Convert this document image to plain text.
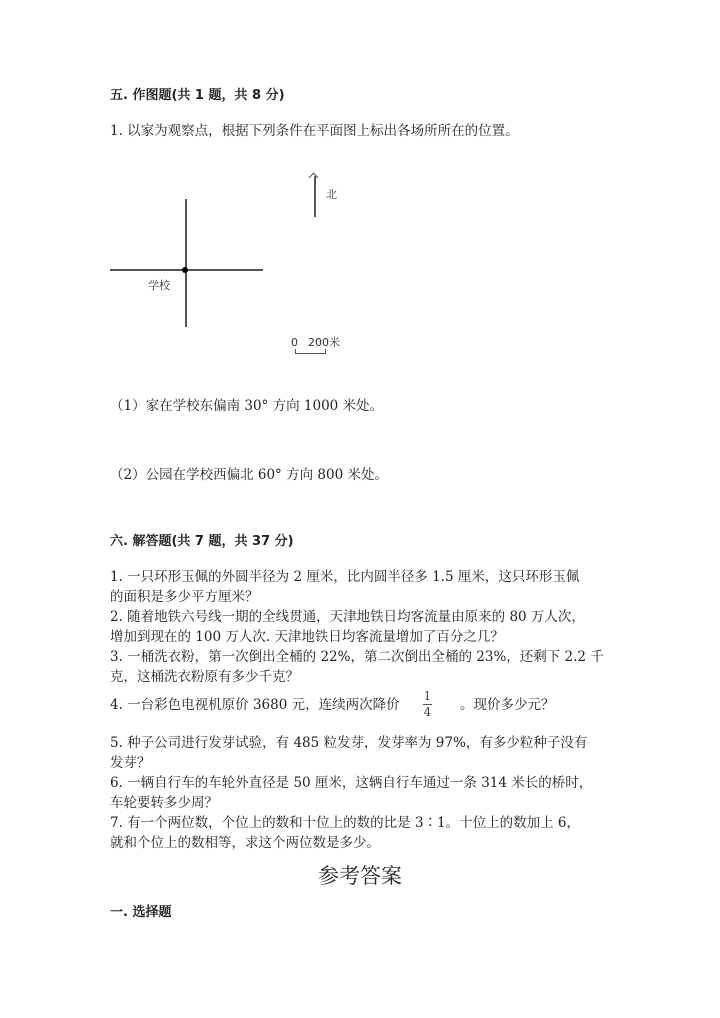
五. 作图题(共 1 题，共 8 分)
1. 以家为观察点，根据下列条件在平面图上标出各场所所在的位置。
学校
北
0 200米
（1）家在学校东偏南 30° 方向 1000 米处。
（2）公园在学校西偏北 60° 方向 800 米处。
六. 解答题(共 7 题，共 37 分)
1. 一只环形玉佩的外圆半径为 2 厘米，比内圆半径多 1.5 厘米，这只环形玉佩
的面积是多少平方厘米？
2. 随着地铁六号线一期的全线贯通，天津地铁日均客流量由原来的 80 万人次，
增加到现在的 100 万人次. 天津地铁日均客流量增加了百分之几？
3. 一桶洗衣粉，第一次倒出全桶的 22%，第二次倒出全桶的 23%，还剩下 2.2 千
克，这桶洗衣粉原有多少千克？
4. 一台彩色电视机原价 3680 元，连续两次降价
1
4 。现价多少元？
5. 种子公司进行发芽试验，有 485 粒发芽，发芽率为 97%，有多少粒种子没有
发芽？
6. 一辆自行车的车轮外直径是 50 厘米，这辆自行车通过一条 314 米长的桥时，
车轮要转多少周？
7. 有一个两位数，个位上的数和十位上的数的比是 3∶1。十位上的数加上 6，
就和个位上的数相等，求这个两位数是多少。
参考答案
一. 选择题
